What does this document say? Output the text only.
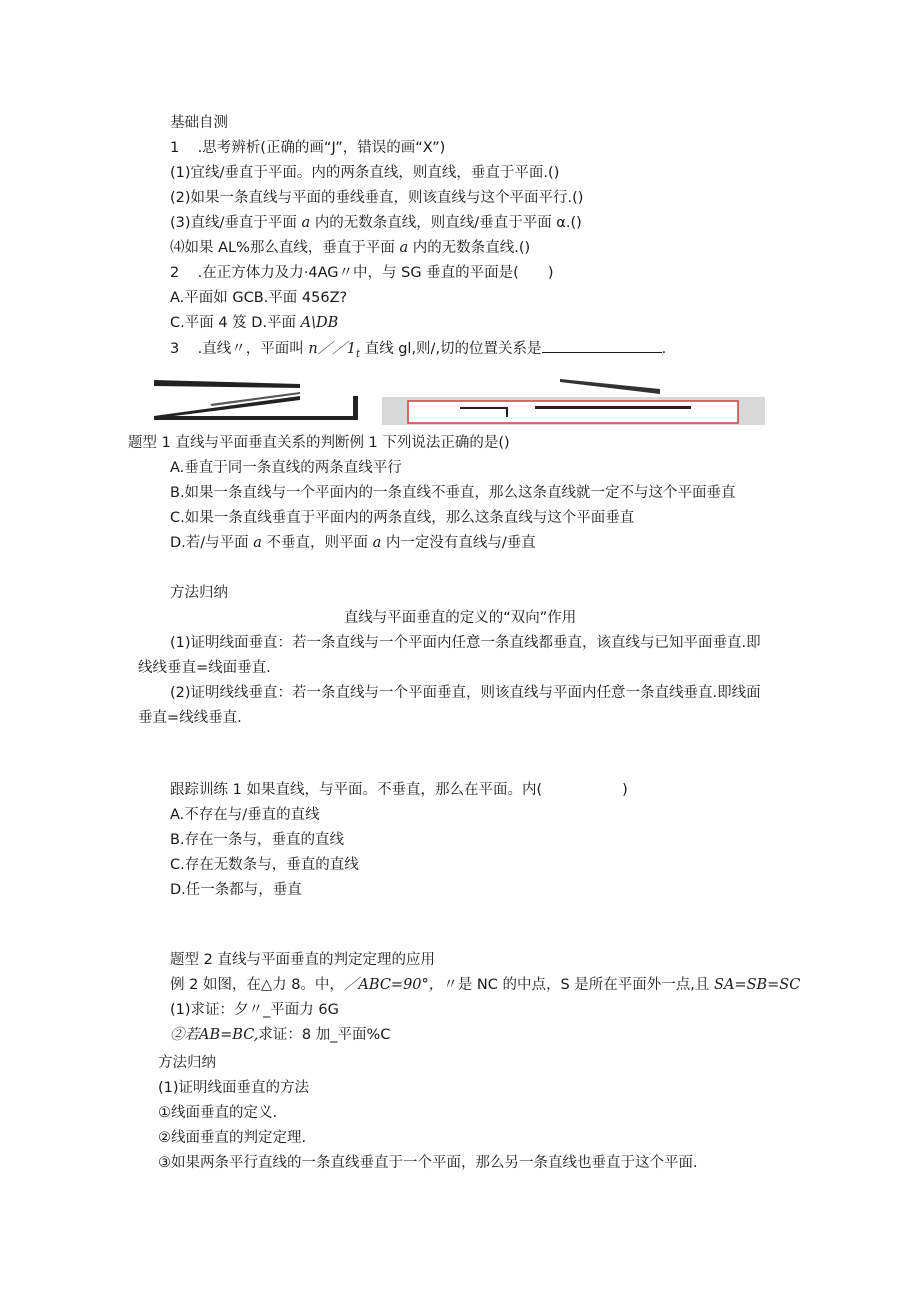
基础自测
1 .思考辨析(正确的画“J”，错误的画“X”)
(1)宜线/垂直于平面。内的两条直线，则直线，垂直于平面.()
(2)如果一条直线与平面的垂线垂直，则该直线与这个平面平行.()
(3)直线/垂直于平面 a 内的无数条直线，则直线/垂直于平面 α.()
⑷如果 AL%那么直线，垂直于平面 a 内的无数条直线.()
2 .在正方体力及力·4AG〃中，与 SG 垂直的平面是(　　)
A.平面如 GCB.平面 456Z?
C.平面 4 笈 D.平面 A\DB
3 .直线〃，平面叫 $n//1_t$ 直线 gl,则/,切的位置关系是	.
题型 1 直线与平面垂直关系的判断例 1 下列说法正确的是()
A.垂直于同一条直线的两条直线平行
B.如果一条直线与一个平面内的一条直线不垂直，那么这条直线就一定不与这个平面垂直
C.如果一条直线垂直于平面内的两条直线，那么这条直线与这个平面垂直
D.若/与平面 a 不垂直，则平面 a 内一定没有直线与/垂直
方法归纳
直线与平面垂直的定义的“双向”作用
(1)证明线面垂直：若一条直线与一个平面内任意一条直线都垂直，该直线与已知平面垂直.即
线线垂直=线面垂直.
(2)证明线线垂直：若一条直线与一个平面垂直，则该直线与平面内任意一条直线垂直.即线面
垂直=线线垂直.
跟踪训练 1 如果直线，与平面。不垂直，那么在平面。内(	)
A.不存在与/垂直的直线
B.存在一条与，垂直的直线
C.存在无数条与，垂直的直线
D.任一条都与，垂直
题型 2 直线与平面垂直的判定定理的应用
例 2 如图，在△力 8。中，／ABC=90°，〃是 NC 的中点，S 是所在平面外一点,且 SA=SB=SC
(1)求证：夕〃_平面力 6G
②若AB=BC,求证：8 加_平面%C
方法归纳
(1)证明线面垂直的方法
①线面垂直的定义.
②线面垂直的判定定理.
③如果两条平行直线的一条直线垂直于一个平面，那么另一条直线也垂直于这个平面.
